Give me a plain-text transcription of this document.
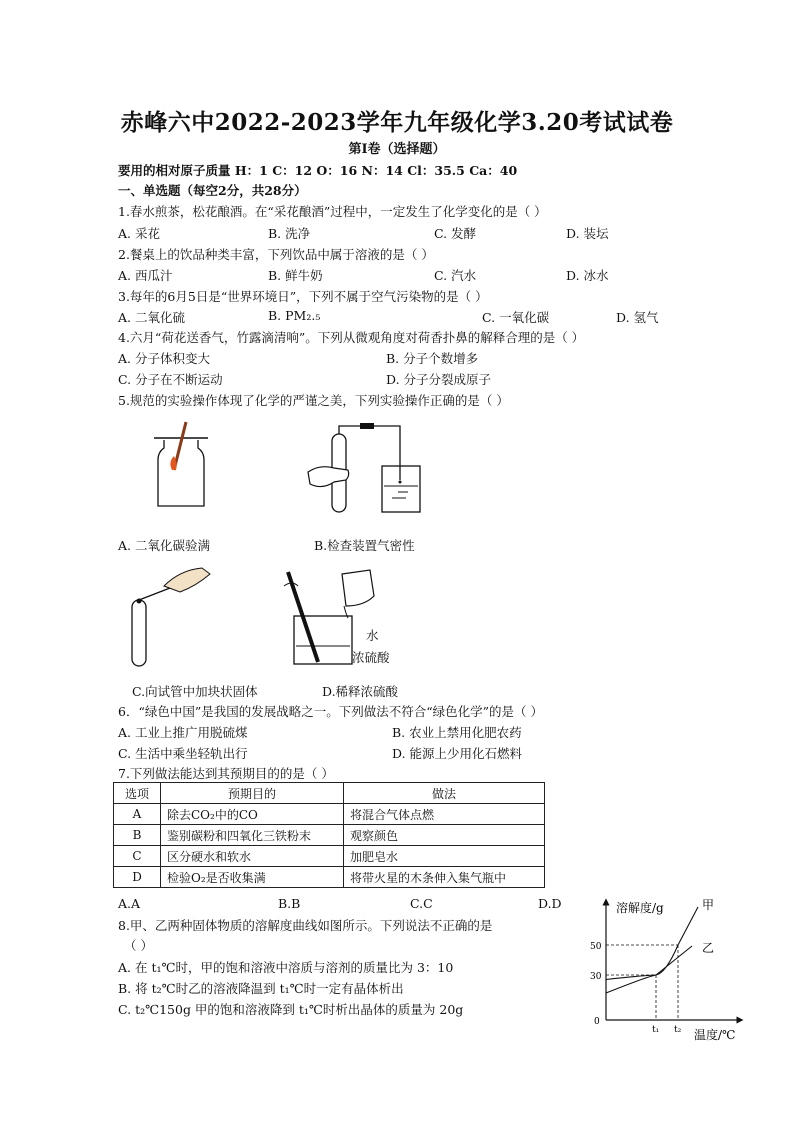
赤峰六中2022-2023学年九年级化学3.20考试试卷
第Ⅰ卷（选择题）
要用的相对原子质量 H：1 C：12 O：16 N：14 Cl：35.5 Ca：40
一、单选题（每空2分，共28分）
1.春水煎茶，松花酿酒。在“采花酿酒”过程中，一定发生了化学变化的是（ ）
A. 采花	B. 洗净	C. 发酵	D. 装坛
2.餐桌上的饮品种类丰富，下列饮品中属于溶液的是（ ）
A. 西瓜汁	B. 鲜牛奶	C. 汽水	D. 冰水
3.每年的6月5日是“世界环境日”，下列不属于空气污染物的是（ ）
A. 二氧化硫	B. PM₂.₅	C. 一氧化碳	D. 氢气
4.六月“荷花送香气，竹露滴清响”。下列从微观角度对荷香扑鼻的解释合理的是（ ）
A. 分子体积变大	B. 分子个数增多
C. 分子在不断运动	D. 分子分裂成原子
5.规范的实验操作体现了化学的严谨之美，下列实验操作正确的是（ ）
A. 二氧化碳验满	B.检查装置气密性
C.向试管中加块状固体
水
浓硫酸
D.稀释浓硫酸
6．“绿色中国”是我国的发展战略之一。下列做法不符合“绿色化学”的是（ ）
A. 工业上推广用脱硫煤	B. 农业上禁用化肥农药
C. 生活中乘坐轻轨出行	D. 能源上少用化石燃料
7.下列做法能达到其预期目的的是（ ）
选项	预期目的	做法
A	除去CO₂中的CO	将混合气体点燃
B	鉴别碳粉和四氧化三铁粉末	观察颜色
C	区分硬水和软水	加肥皂水
D	检验O₂是否收集满	将带火星的木条伸入集气瓶中
A.A	B.B	C.C	D.D
8.甲、乙两种固体物质的溶解度曲线如图所示。下列说法不正确的是
（ ）
A. 在 t₁℃时，甲的饱和溶液中溶质与溶剂的质量比为 3：10
B. 将 t₂℃时乙的溶液降温到 t₁℃时一定有晶体析出
C. t₂℃150g 甲的饱和溶液降到 t₁℃时析出晶体的质量为 20g
溶解度/g
温度/℃
0
50
30
t₁ t₂
甲
乙
